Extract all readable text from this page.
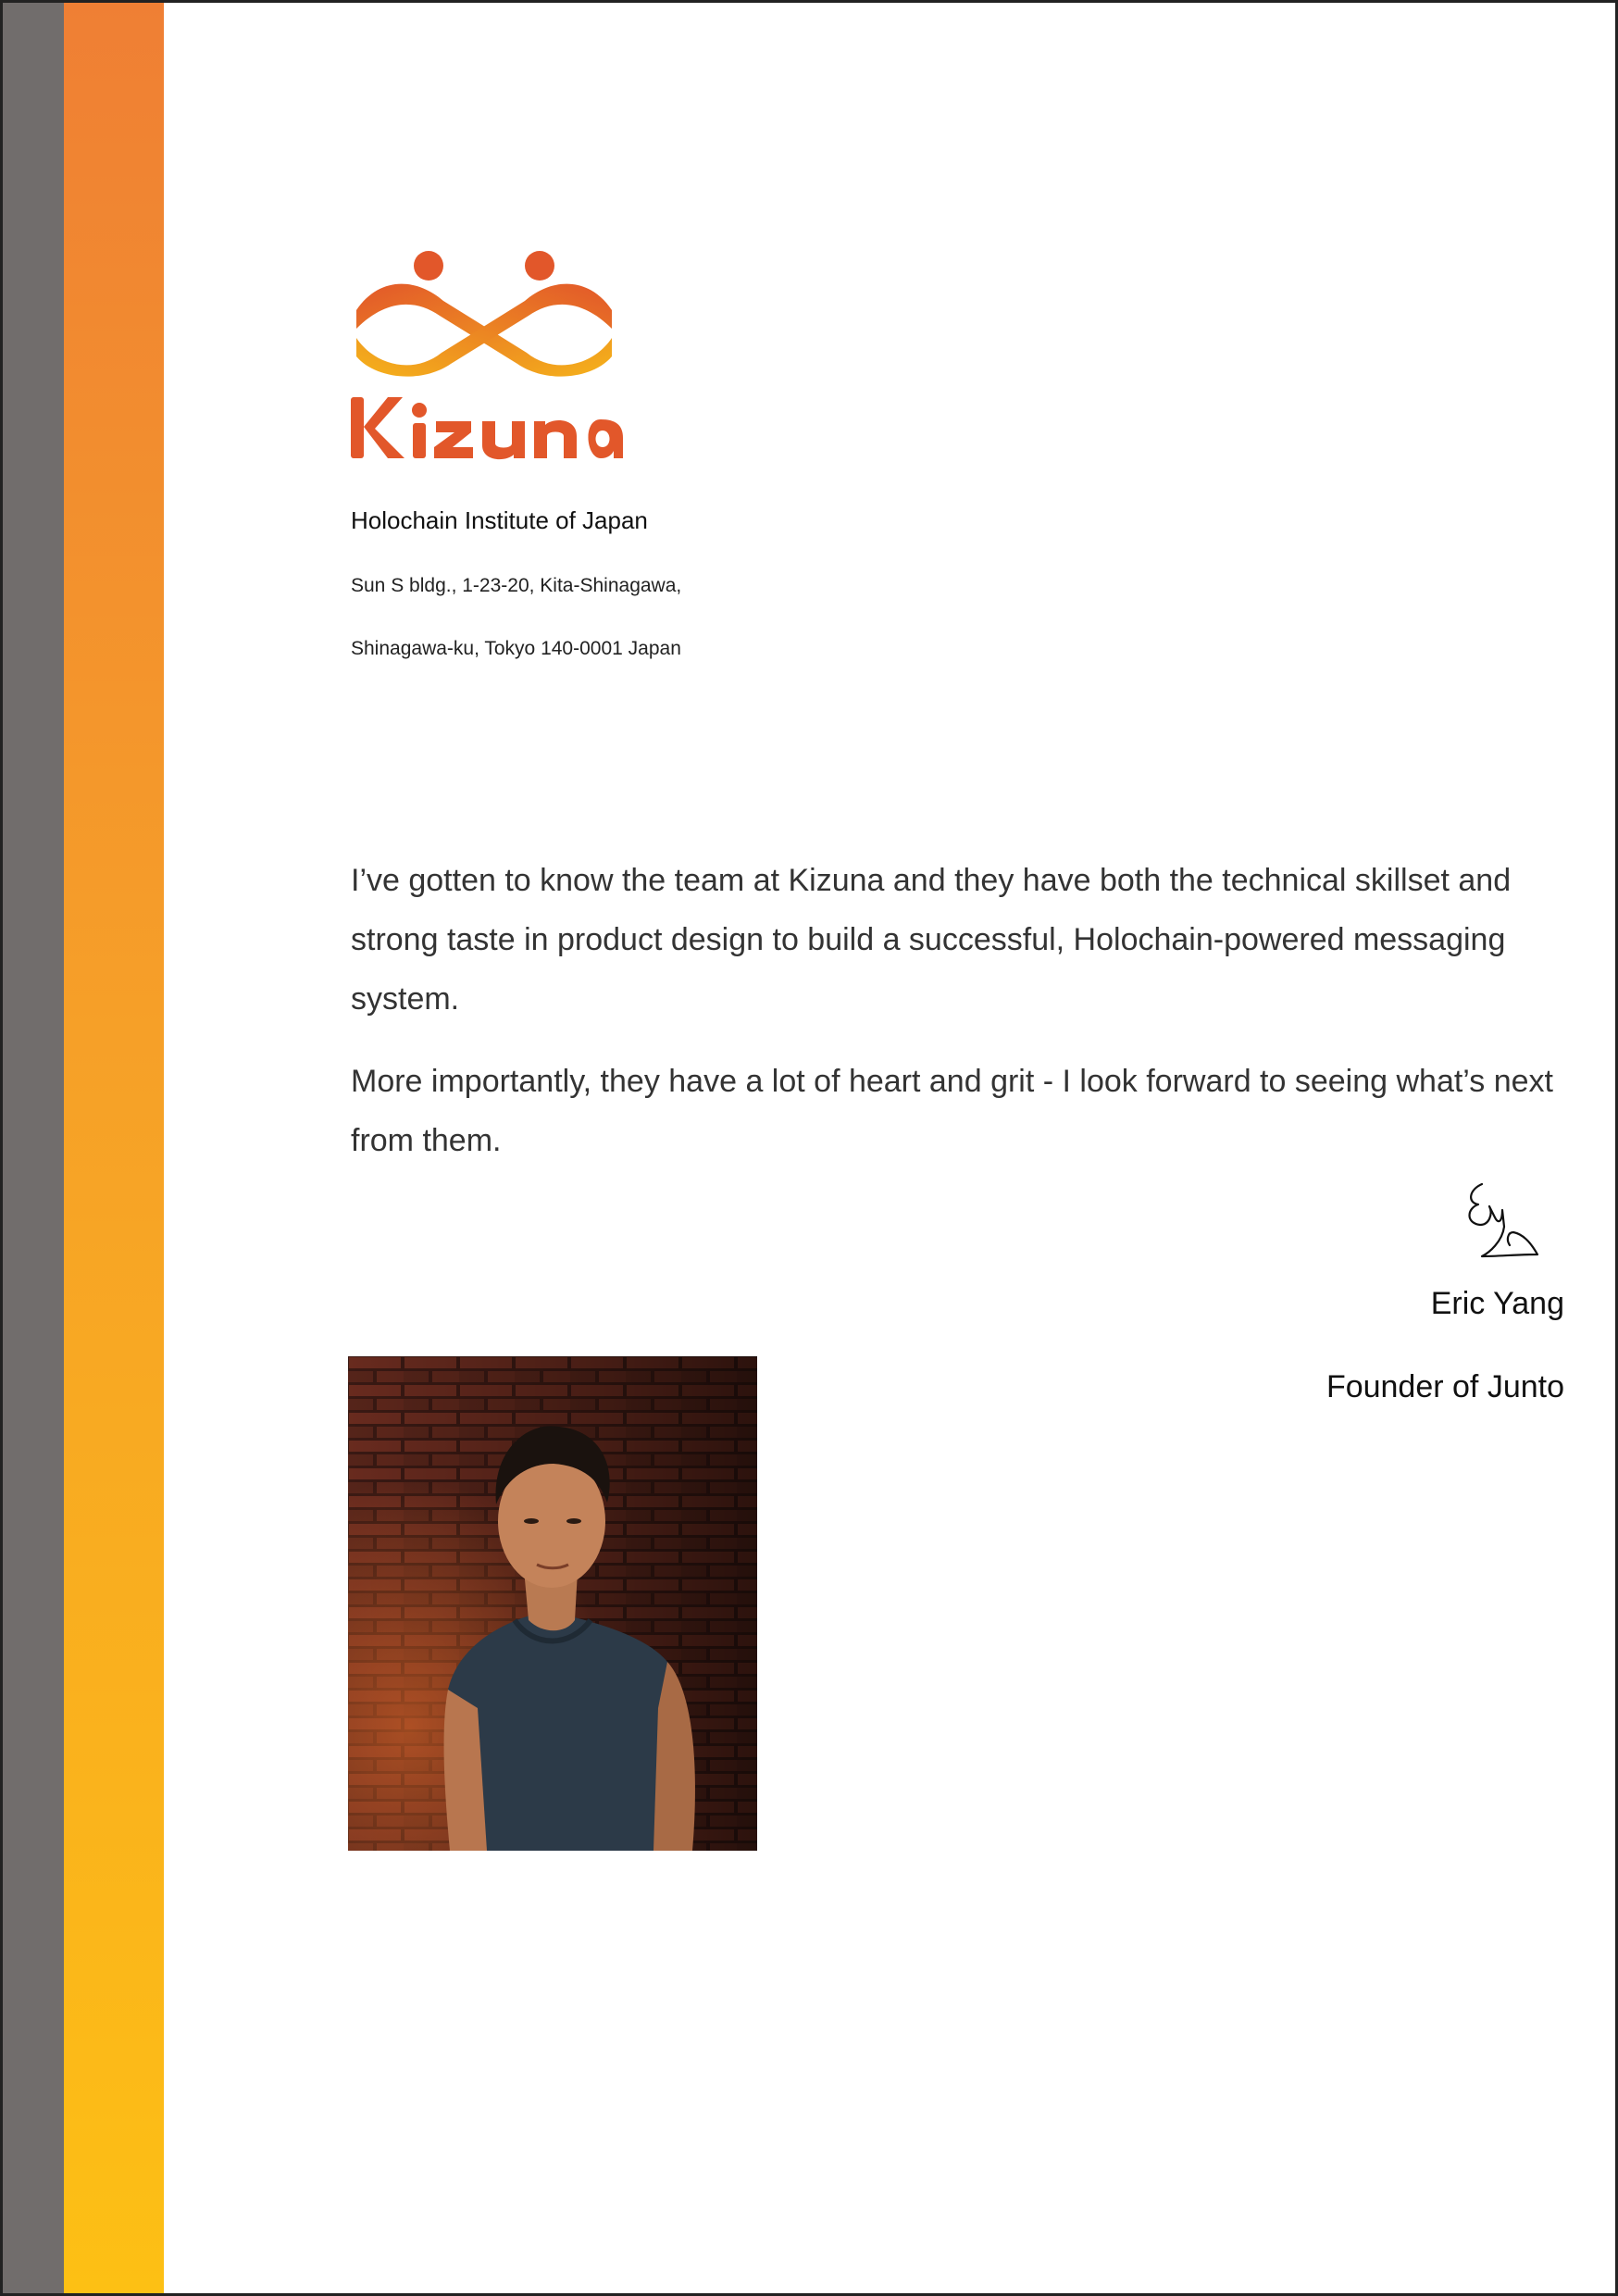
Holochain Institute of Japan
Sun S bldg., 1-23-20, Kita-Shinagawa,
Shinagawa-ku, Tokyo 140-0001 Japan

I’ve gotten to know the team at Kizuna and they have both the technical skillset and strong taste in product design to build a successful, Holochain-powered messaging system.

More importantly, they have a lot of heart and grit - I look forward to seeing what’s next from them.

Eric Yang
Founder of Junto
